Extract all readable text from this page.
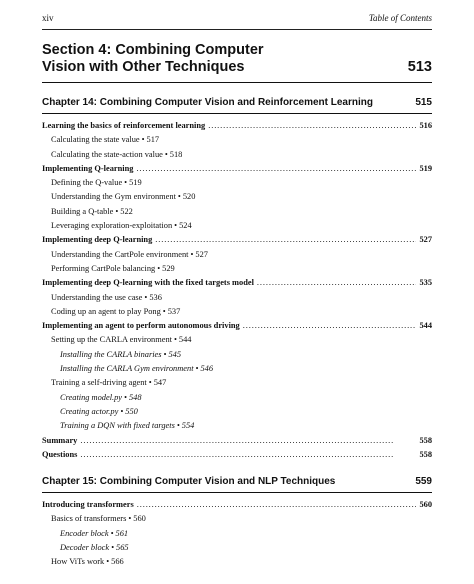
xiv	Table of Contents
Section 4: Combining Computer Vision with Other Techniques	513
Chapter 14: Combining Computer Vision and Reinforcement Learning	515
Learning the basics of reinforcement learning . . .	516
Calculating the state value • 517
Calculating the state-action value • 518
Implementing Q-learning . . .	519
Defining the Q-value • 519
Understanding the Gym environment • 520
Building a Q-table • 522
Leveraging exploration-exploitation • 524
Implementing deep Q-learning . . .	527
Understanding the CartPole environment • 527
Performing CartPole balancing • 529
Implementing deep Q-learning with the fixed targets model . . .	535
Understanding the use case • 536
Coding up an agent to play Pong • 537
Implementing an agent to perform autonomous driving . . .	544
Setting up the CARLA environment • 544
Installing the CARLA binaries • 545
Installing the CARLA Gym environment • 546
Training a self-driving agent • 547
Creating model.py • 548
Creating actor.py • 550
Training a DQN with fixed targets • 554
Summary . . .	558
Questions . . .	558
Chapter 15: Combining Computer Vision and NLP Techniques	559
Introducing transformers . . .	560
Basics of transformers • 560
Encoder block • 561
Decoder block • 565
How ViTs work • 566
